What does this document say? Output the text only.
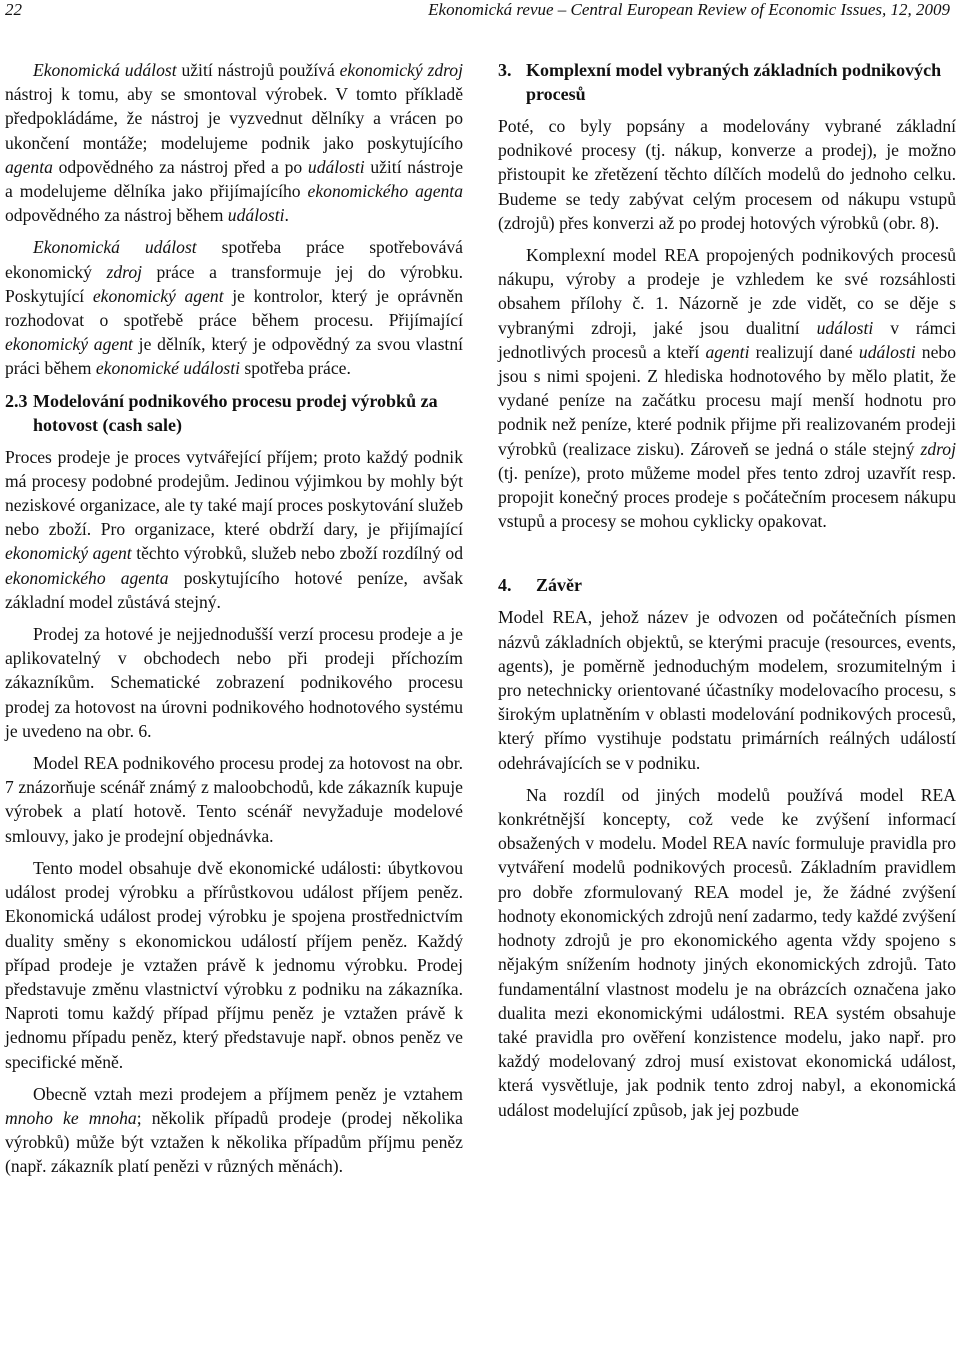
22	Ekonomická revue – Central European Review of Economic Issues, 12, 2009

Ekonomická událost užití nástrojů používá ekonomický zdroj nástroj k tomu, aby se smontoval výrobek. V tomto příkladě předpokládáme, že nástroj je vyzvednut dělníky a vrácen po ukončení montáže; modelujeme podnik jako poskytujícího agenta odpovědného za nástroj před a po události užití nástroje a modelujeme dělníka jako přijímajícího ekonomického agenta odpovědného za nástroj během události.

Ekonomická událost spotřeba práce spotřebovává ekonomický zdroj práce a transformuje jej do výrobku. Poskytující ekonomický agent je kontrolor, který je oprávněn rozhodovat o spotřebě práce během procesu. Přijímající ekonomický agent je dělník, který je odpovědný za svou vlastní práci během ekonomické události spotřeba práce.

2.3 Modelování podnikového procesu prodej výrobků za hotovost (cash sale)

Proces prodeje je proces vytvářející příjem; proto každý podnik má procesy podobné prodejům. Jedinou výjimkou by mohly být neziskové organizace, ale ty také mají proces poskytování služeb nebo zboží. Pro organizace, které obdrží dary, je přijímající ekonomický agent těchto výrobků, služeb nebo zboží rozdílný od ekonomického agenta poskytujícího hotové peníze, avšak základní model zůstává stejný.

Prodej za hotové je nejjednodušší verzí procesu prodeje a je aplikovatelný v obchodech nebo při prodeji příchozím zákazníkům. Schematické zobrazení podnikového procesu prodej za hotovost na úrovni podnikového hodnotového systému je uvedeno na obr. 6.

Model REA podnikového procesu prodej za hotovost na obr. 7 znázorňuje scénář známý z maloobchodů, kde zákazník kupuje výrobek a platí hotově. Tento scénář nevyžaduje modelové smlouvy, jako je prodejní objednávka.

Tento model obsahuje dvě ekonomické události: úbytkovou událost prodej výrobku a přírůstkovou událost příjem peněz. Ekonomická událost prodej výrobku je spojena prostřednictvím duality směny s ekonomickou událostí příjem peněz. Každý případ prodeje je vztažen právě k jednomu výrobku. Prodej představuje změnu vlastnictví výrobku z podniku na zákazníka. Naproti tomu každý případ příjmu peněz je vztažen právě k jednomu případu peněz, který představuje např. obnos peněz ve specifické měně.

Obecně vztah mezi prodejem a příjmem peněz je vztahem mnoho ke mnoha; několik případů prodeje (prodej několika výrobků) může být vztažen k několika případům příjmu peněz (např. zákazník platí penězi v různých měnách).

3. Komplexní model vybraných základních podnikových procesů

Poté, co byly popsány a modelovány vybrané základní podnikové procesy (tj. nákup, konverze a prodej), je možno přistoupit ke zřetězení těchto dílčích modelů do jednoho celku. Budeme se tedy zabývat celým procesem od nákupu vstupů (zdrojů) přes konverzi až po prodej hotových výrobků (obr. 8).

Komplexní model REA propojených podnikových procesů nákupu, výroby a prodeje je vzhledem ke své rozsáhlosti obsahem přílohy č. 1. Názorně je zde vidět, co se děje s vybranými zdroji, jaké jsou dualitní události v rámci jednotlivých procesů a kteří agenti realizují dané události nebo jsou s nimi spojeni. Z hlediska hodnotového by mělo platit, že vydané peníze na začátku procesu mají menší hodnotu pro podnik než peníze, které podnik přijme při realizovaném prodeji výrobků (realizace zisku). Zároveň se jedná o stále stejný zdroj (tj. peníze), proto můžeme model přes tento zdroj uzavřít resp. propojit konečný proces prodeje s počátečním procesem nákupu vstupů a procesy se mohou cyklicky opakovat.

4.	Závěr

Model REA, jehož název je odvozen od počátečních písmen názvů základních objektů, se kterými pracuje (resources, events, agents), je poměrně jednoduchým modelem, srozumitelným i pro netechnicky orientované účastníky modelovacího procesu, s širokým uplatněním v oblasti modelování podnikových procesů, který přímo vystihuje podstatu primárních reálných událostí odehrávajících se v podniku.

Na rozdíl od jiných modelů používá model REA konkrétnější koncepty, což vede ke zvýšení informací obsažených v modelu. Model REA navíc formuluje pravidla pro vytváření modelů podnikových procesů. Základním pravidlem pro dobře zformulovaný REA model je, že žádné zvýšení hodnoty ekonomických zdrojů není zadarmo, tedy každé zvýšení hodnoty zdrojů je pro ekonomického agenta vždy spojeno s nějakým snížením hodnoty jiných ekonomických zdrojů. Tato fundamentální vlastnost modelu je na obrázcích označena jako dualita mezi ekonomickými událostmi. REA systém obsahuje také pravidla pro ověření konzistence modelu, jako např. pro každý modelovaný zdroj musí existovat ekonomická událost, která vysvětluje, jak podnik tento zdroj nabyl, a ekonomická událost modelující způsob, jak jej pozbude
